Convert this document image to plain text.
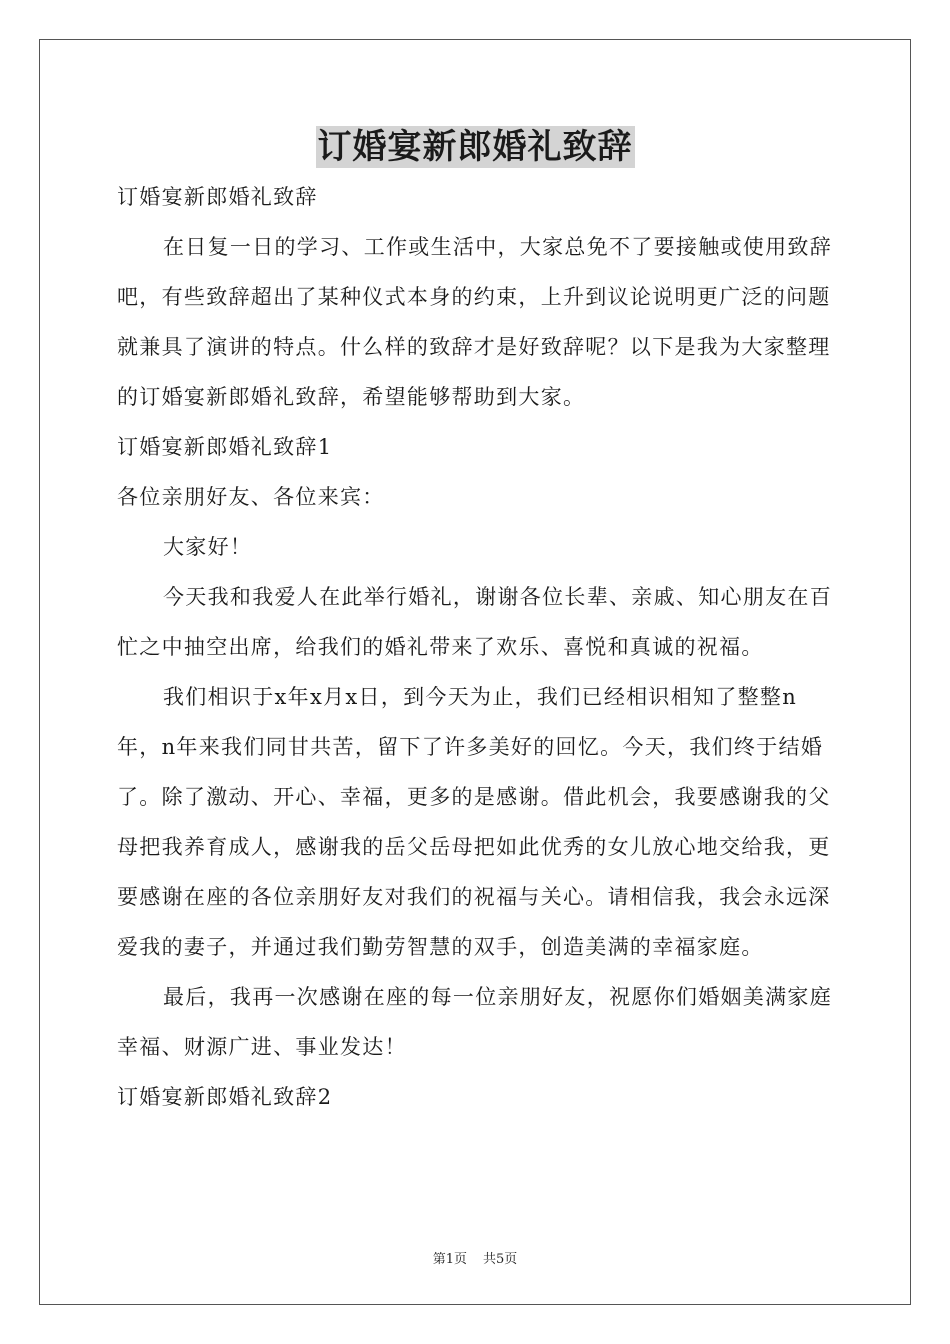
订婚宴新郎婚礼致辞

订婚宴新郎婚礼致辞

在日复一日的学习、工作或生活中，大家总免不了要接触或使用致辞吧，有些致辞超出了某种仪式本身的约束，上升到议论说明更广泛的问题就兼具了演讲的特点。什么样的致辞才是好致辞呢？以下是我为大家整理的订婚宴新郎婚礼致辞，希望能够帮助到大家。

订婚宴新郎婚礼致辞1

各位亲朋好友、各位来宾：

大家好！

今天我和我爱人在此举行婚礼，谢谢各位长辈、亲戚、知心朋友在百忙之中抽空出席，给我们的婚礼带来了欢乐、喜悦和真诚的祝福。

我们相识于x年x月x日，到今天为止，我们已经相识相知了整整n年，n年来我们同甘共苦，留下了许多美好的回忆。今天，我们终于结婚了。除了激动、开心、幸福，更多的是感谢。借此机会，我要感谢我的父母把我养育成人，感谢我的岳父岳母把如此优秀的女儿放心地交给我，更要感谢在座的各位亲朋好友对我们的祝福与关心。请相信我，我会永远深爱我的妻子，并通过我们勤劳智慧的双手，创造美满的幸福家庭。

最后，我再一次感谢在座的每一位亲朋好友，祝愿你们婚姻美满家庭幸福、财源广进、事业发达！

订婚宴新郎婚礼致辞2

第1页 共5页
